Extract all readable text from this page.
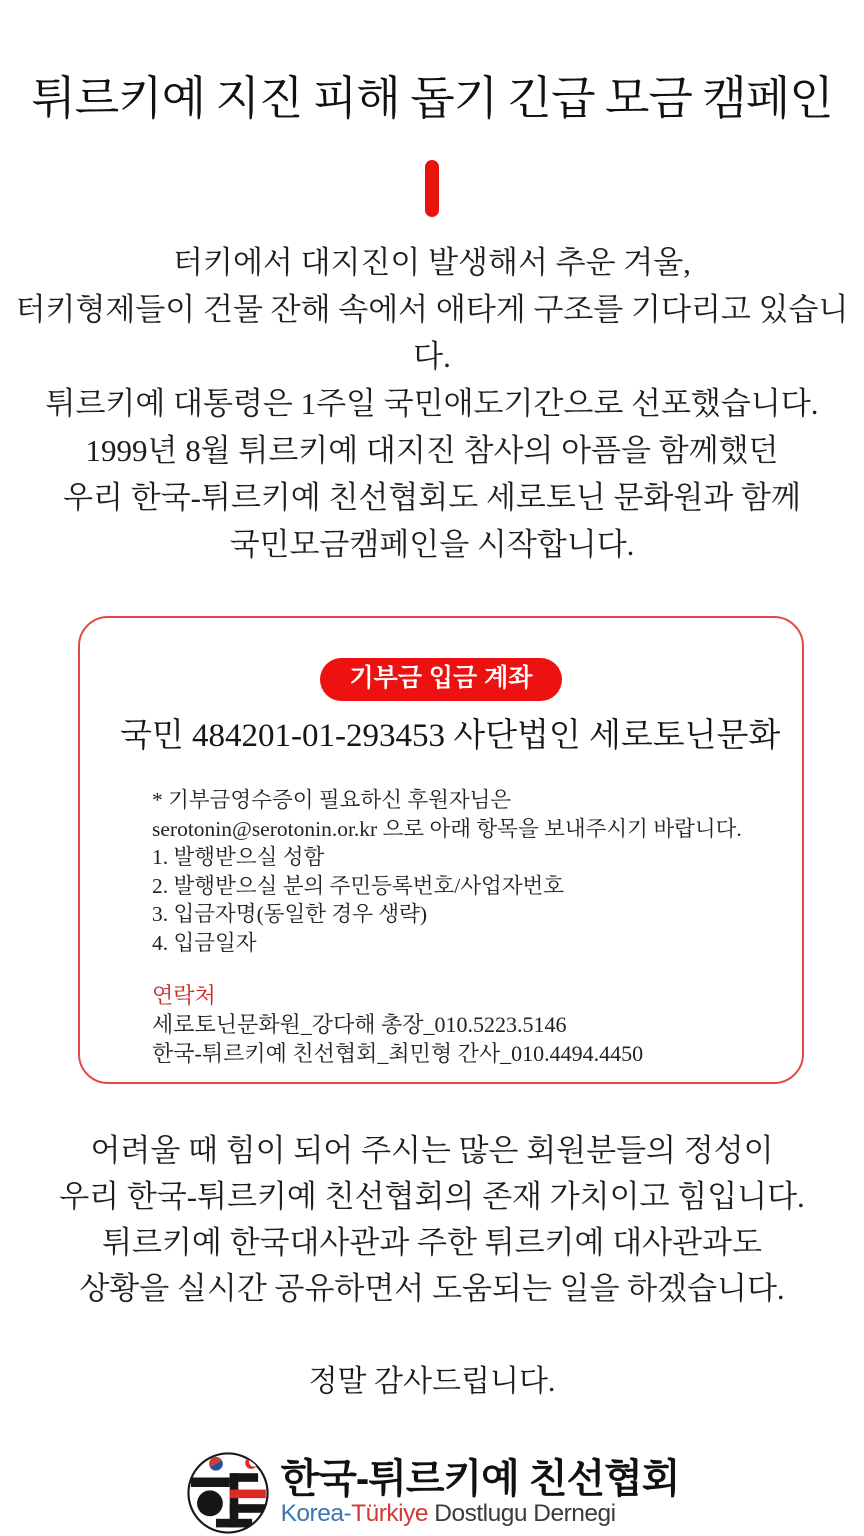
튀르키예 지진 피해 돕기 긴급 모금 캠페인
터키에서 대지진이 발생해서 추운 겨울,
터키형제들이 건물 잔해 속에서 애타게 구조를 기다리고 있습니다.
튀르키예 대통령은 1주일 국민애도기간으로 선포했습니다.
1999년 8월 튀르키예 대지진 참사의 아픔을 함께했던
우리 한국-튀르키예 친선협회도 세로토닌 문화원과 함께
국민모금캠페인을 시작합니다.
기부금 입금 계좌
국민 484201-01-293453 사단법인 세로토닌문화
* 기부금영수증이 필요하신 후원자님은
serotonin@serotonin.or.kr 으로 아래 항목을 보내주시기 바랍니다.
1. 발행받으실 성함
2. 발행받으실 분의 주민등록번호/사업자번호
3. 입금자명(동일한 경우 생략)
4. 입금일자
연락처
세로토닌문화원_강다해 총장_010.5223.5146
한국-튀르키예 친선협회_최민형 간사_010.4494.4450
어려울 때 힘이 되어 주시는 많은 회원분들의 정성이
우리 한국-튀르키예 친선협회의 존재 가치이고 힘입니다.
튀르키예 한국대사관과 주한 튀르키예 대사관과도
상황을 실시간 공유하면서 도움되는 일을 하겠습니다.
정말 감사드립니다.
한국-튀르키예 친선협회
Korea-Türkiye Dostlugu Dernegi
